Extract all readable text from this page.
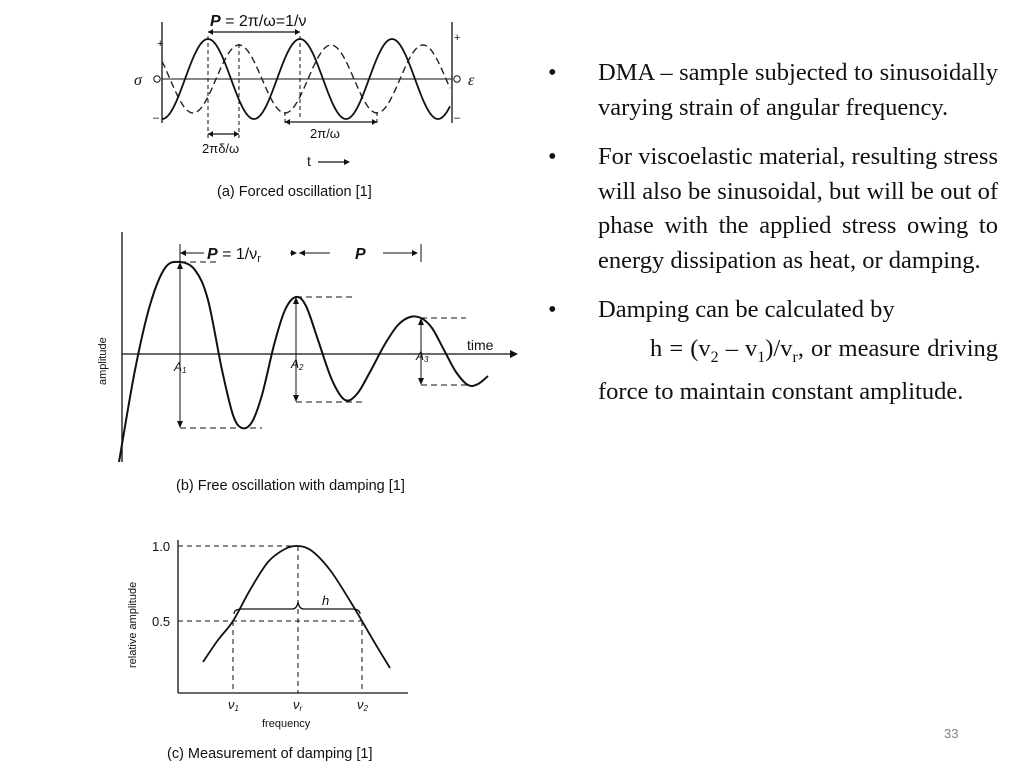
P = 2π/ω=1/ν
+
–
+
–
σ	ε
2π/ω
2πδ/ω
t
(a) Forced oscillation [1]
time
amplitude
P = 1/νr	P
A1	A2
A3
(b) Free oscillation with damping [1]
1.0
0.5
relative amplitude
frequency
h
ν1	νr	ν2
(c) Measurement of damping [1]
•	DMA – sample subjected to sinusoidally varying strain of angular frequency.
•	For viscoelastic material, resulting stress will also be sinusoidal, but will be out of phase with the applied stress owing to energy dissipation as heat, or damping.
•	Damping can be calculated by
$h = (v_2 - v_1)/v_r$, or measure driving force to maintain constant amplitude.
33
